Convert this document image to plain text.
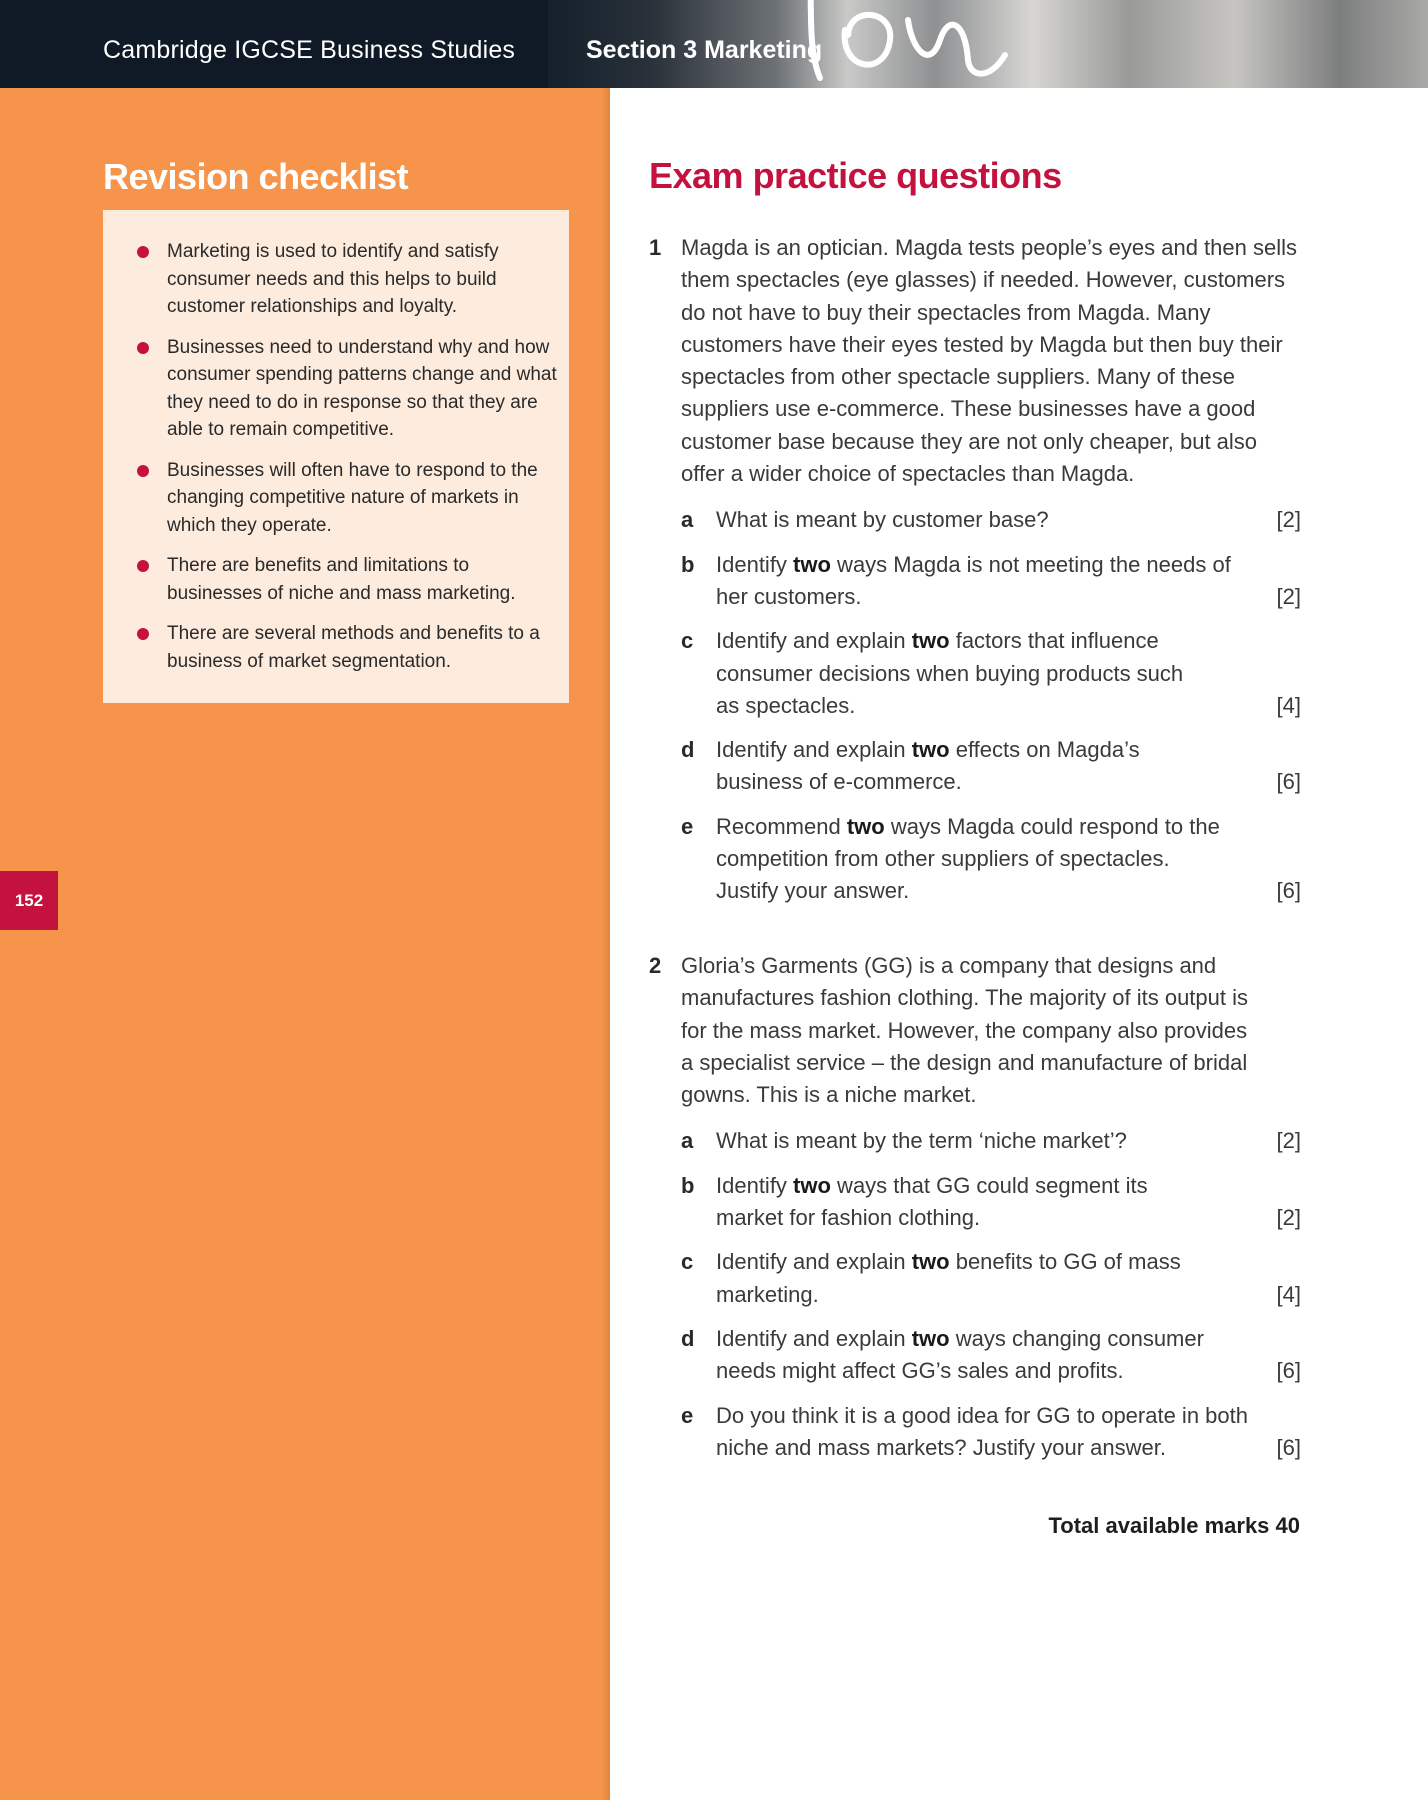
Cambridge IGCSE Business Studies	Section 3 Marketing
Revision checklist
Marketing is used to identify and satisfy consumer needs and this helps to build customer relationships and loyalty.
Businesses need to understand why and how consumer spending patterns change and what they need to do in response so that they are able to remain competitive.
Businesses will often have to respond to the changing competitive nature of markets in which they operate.
There are benefits and limitations to businesses of niche and mass marketing.
There are several methods and benefits to a business of market segmentation.
152
Exam practice questions
1 Magda is an optician. Magda tests people’s eyes and then sells them spectacles (eye glasses) if needed. However, customers do not have to buy their spectacles from Magda. Many customers have their eyes tested by Magda but then buy their spectacles from other spectacle suppliers. Many of these suppliers use e-commerce. These businesses have a good customer base because they are not only cheaper, but also offer a wider choice of spectacles than Magda.
a What is meant by customer base?	[2]
b Identify two ways Magda is not meeting the needs of her customers.	[2]
c Identify and explain two factors that influence consumer decisions when buying products such as spectacles.	[4]
d Identify and explain two effects on Magda’s business of e-commerce.	[6]
e Recommend two ways Magda could respond to the competition from other suppliers of spectacles. Justify your answer.	[6]
2 Gloria’s Garments (GG) is a company that designs and manufactures fashion clothing. The majority of its output is for the mass market. However, the company also provides a specialist service – the design and manufacture of bridal gowns. This is a niche market.
a What is meant by the term ‘niche market’?	[2]
b Identify two ways that GG could segment its market for fashion clothing.	[2]
c Identify and explain two benefits to GG of mass marketing.	[4]
d Identify and explain two ways changing consumer needs might affect GG’s sales and profits.	[6]
e Do you think it is a good idea for GG to operate in both niche and mass markets? Justify your answer.	[6]
Total available marks 40
